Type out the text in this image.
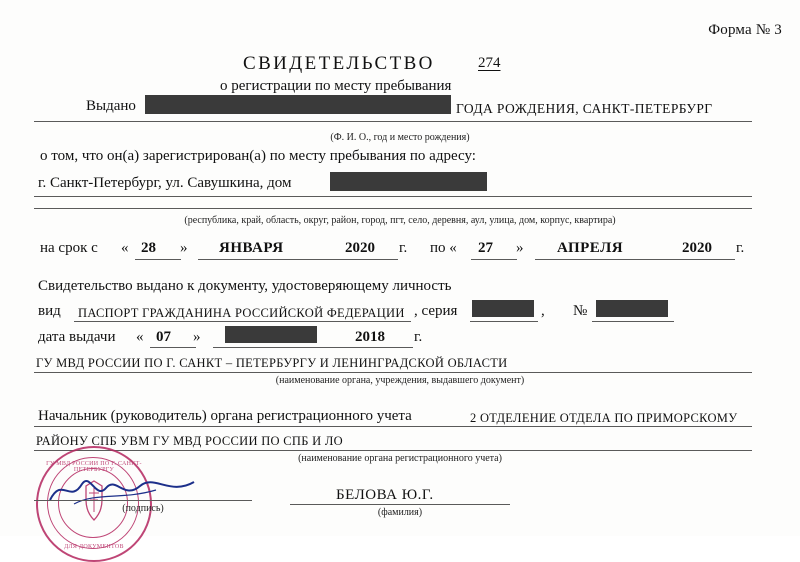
Форма № 3
СВИДЕТЕЛЬСТВО	274
о регистрации по месту пребывания
Выдано	ГОДА РОЖДЕНИЯ, САНКТ-ПЕТЕРБУРГ
(Ф. И. О., год и место рождения)
о том, что он(а) зарегистрирован(а) по месту пребывания по адресу:
г. Санкт-Петербург, ул. Савушкина, дом
(республика, край, область, округ, район, город, пгт, село, деревня, аул, улица, дом, корпус, квартира)
на срок с « 28 » ЯНВАРЯ	2020 г. по « 27 » АПРЕЛЯ	2020 г.
Свидетельство выдано к документу, удостоверяющему личность
вид ПАСПОРТ ГРАЖДАНИНА РОССИЙСКОЙ ФЕДЕРАЦИИ , серия	, №
дата выдачи « 07 »	2018 г.
ГУ МВД РОССИИ ПО Г. САНКТ – ПЕТЕРБУРГУ И ЛЕНИНГРАДСКОЙ ОБЛАСТИ
(наименование органа, учреждения, выдавшего документ)
Начальник (руководитель) органа регистрационного учета	2 ОТДЕЛЕНИЕ ОТДЕЛА ПО ПРИМОРСКОМУ
РАЙОНУ СПБ УВМ ГУ МВД РОССИИ ПО СПБ И ЛО
(наименование органа регистрационного учета)
ГУ МВД РОССИИ ПО Г. САНКТ-ПЕТЕРБУРГУ
ДЛЯ ДОКУМЕНТОВ
(подпись)
БЕЛОВА Ю.Г.
(фамилия)
